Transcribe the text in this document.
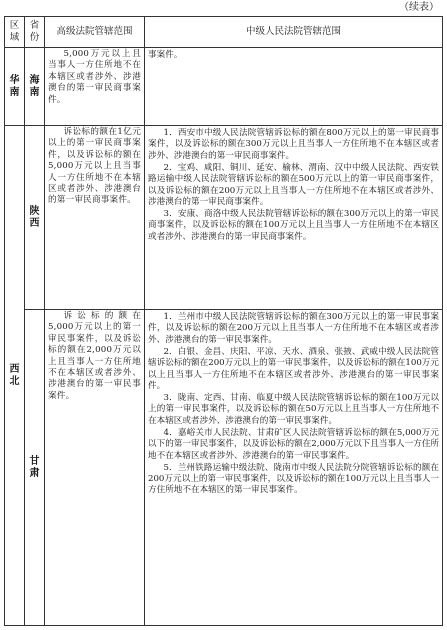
（续表）
区域	省份	高级法院管辖范围	中级人民法院管辖范围
华南	海南	5,000万元以上且当事人一方住所地不在本辖区或者涉外、涉港澳台的第一审民商事案件。	事案件。

西北	陕西	诉讼标的额在1亿元以上的第一审民商事案件，以及诉讼标的额在5,000万元以上且当事人一方住所地不在本辖区或者涉外、涉港澳台的第一审民商事案件。	1．西安市中级人民法院管辖诉讼标的额在800万元以上的第一审民商事案件，以及诉讼标的额在300万元以上且当事人一方住所地不在本辖区或者涉外、涉港澳台的第一审民商事案件。

2．宝鸡、咸阳、铜川、延安、榆林、渭南、汉中中级人民法院、西安铁路运输中级人民法院管辖诉讼标的额在500万元以上的第一审民商事案件，以及诉讼标的额在200万元以上且当事人一方住所地不在本辖区或者涉外、涉港澳台的第一审民商事案件。

3．安康、商洛中级人民法院管辖诉讼标的额在300万元以上的第一审民商事案件，以及诉讼标的额在100万元以上且当事人一方住所地不在本辖区或者涉外、涉港澳台的第一审民商事案件。

	甘肃	诉讼标的额在5,000万元以上的第一审民事案件，以及诉讼标的额在2,000万元以上且当事人一方住所地不在本辖区或者涉外、涉港澳台的第一审民事案件。	1．兰州市中级人民法院管辖诉讼标的额在300万元以上的第一审民事案件，以及诉讼标的额在200万元以上且当事人一方住所地不在本辖区或者涉外、涉港澳台的第一审民事案件。

2．白银、金昌、庆阳、平凉、天水、酒泉、张掖、武威中级人民法院管辖诉讼标的额在200万元以上的第一审民事案件，以及诉讼标的额在100万元以上且当事人一方住所地不在本辖区或者涉外、涉港澳台的第一审民事案件。

3．陇南、定西、甘南、临夏中级人民法院管辖诉讼标的额在100万元以上的第一审民事案件，以及诉讼标的额在50万元以上且当事人一方住所地不在本辖区或者涉外、涉港澳台的第一审民事案件。

4．嘉峪关市人民法院、甘肃矿区人民法院管辖诉讼标的额在5,000万元以下的第一审民事案件，以及诉讼标的额在2,000万元以下且当事人一方住所地不在本辖区或者涉外、涉港澳台的第一审民事案件。

5．兰州铁路运输中级法院、陇南市中级人民法院分院管辖诉讼标的额在200万元以上的第一审民事案件，以及诉讼标的额在100万元以上且当事人一方住所地不在本辖区的第一审民事案件。
